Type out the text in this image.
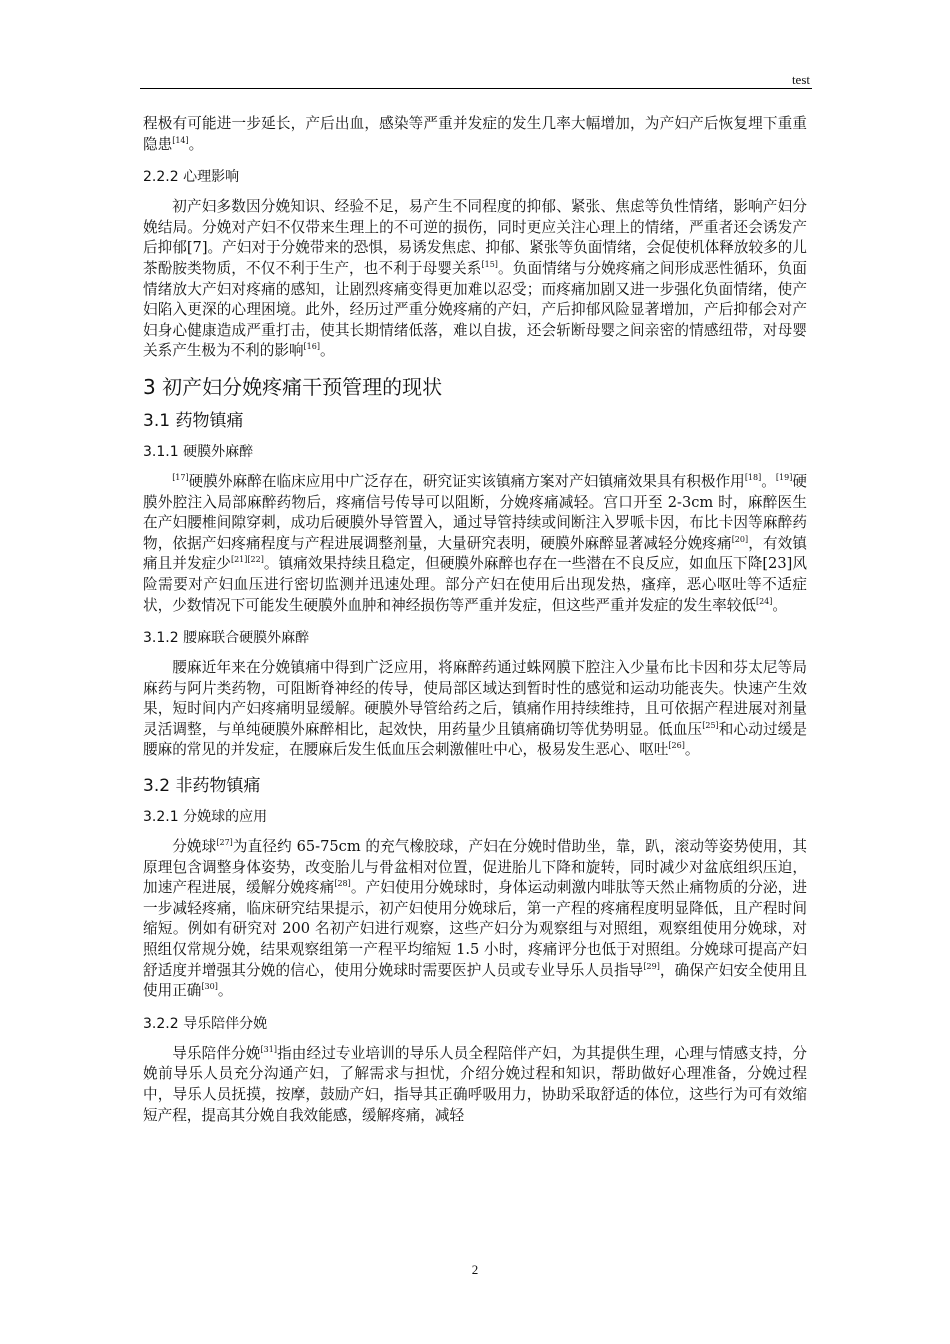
test

程极有可能进一步延长，产后出血，感染等严重并发症的发生几率大幅增加，为产妇产后恢复埋下重重隐患[14]。

2.2.2 心理影响

初产妇多数因分娩知识、经验不足，易产生不同程度的抑郁、紧张、焦虑等负性情绪，影响产妇分娩结局。分娩对产妇不仅带来生理上的不可逆的损伤，同时更应关注心理上的情绪，严重者还会诱发产后抑郁[7]。产妇对于分娩带来的恐惧，易诱发焦虑、抑郁、紧张等负面情绪，会促使机体释放较多的儿茶酚胺类物质，不仅不利于生产，也不利于母婴关系[15]。负面情绪与分娩疼痛之间形成恶性循环，负面情绪放大产妇对疼痛的感知，让剧烈疼痛变得更加难以忍受；而疼痛加剧又进一步强化负面情绪，使产妇陷入更深的心理困境。此外，经历过严重分娩疼痛的产妇，产后抑郁风险显著增加，产后抑郁会对产妇身心健康造成严重打击，使其长期情绪低落，难以自拔，还会斩断母婴之间亲密的情感纽带，对母婴关系产生极为不利的影响[16]。

3 初产妇分娩疼痛干预管理的现状
3.1 药物镇痛
3.1.1 硬膜外麻醉

[17]硬膜外麻醉在临床应用中广泛存在，研究证实该镇痛方案对产妇镇痛效果具有积极作用[18]。[19]硬膜外腔注入局部麻醉药物后，疼痛信号传导可以阻断，分娩疼痛减轻。宫口开至 2-3cm 时，麻醉医生在产妇腰椎间隙穿刺，成功后硬膜外导管置入，通过导管持续或间断注入罗哌卡因，布比卡因等麻醉药物，依据产妇疼痛程度与产程进展调整剂量，大量研究表明，硬膜外麻醉显著减轻分娩疼痛[20]，有效镇痛且并发症少[21][22]。镇痛效果持续且稳定，但硬膜外麻醉也存在一些潜在不良反应，如血压下降[23]风险需要对产妇血压进行密切监测并迅速处理。部分产妇在使用后出现发热，瘙痒，恶心呕吐等不适症状，少数情况下可能发生硬膜外血肿和神经损伤等严重并发症，但这些严重并发症的发生率较低[24]。

3.1.2 腰麻联合硬膜外麻醉

腰麻近年来在分娩镇痛中得到广泛应用，将麻醉药通过蛛网膜下腔注入少量布比卡因和芬太尼等局麻药与阿片类药物，可阻断脊神经的传导，使局部区域达到暂时性的感觉和运动功能丧失。快速产生效果，短时间内产妇疼痛明显缓解。硬膜外导管给药之后，镇痛作用持续维持，且可依据产程进展对剂量灵活调整，与单纯硬膜外麻醉相比，起效快，用药量少且镇痛确切等优势明显。低血压[25]和心动过缓是腰麻的常见的并发症，在腰麻后发生低血压会刺激催吐中心，极易发生恶心、呕吐[26]。

3.2 非药物镇痛
3.2.1 分娩球的应用

分娩球[27]为直径约 65-75cm 的充气橡胶球，产妇在分娩时借助坐，靠，趴，滚动等姿势使用，其原理包含调整身体姿势，改变胎儿与骨盆相对位置，促进胎儿下降和旋转，同时减少对盆底组织压迫，加速产程进展，缓解分娩疼痛[28]。产妇使用分娩球时，身体运动刺激内啡肽等天然止痛物质的分泌，进一步减轻疼痛，临床研究结果提示，初产妇使用分娩球后，第一产程的疼痛程度明显降低，且产程时间缩短。例如有研究对 200 名初产妇进行观察，这些产妇分为观察组与对照组，观察组使用分娩球，对照组仅常规分娩，结果观察组第一产程平均缩短 1.5 小时，疼痛评分也低于对照组。分娩球可提高产妇舒适度并增强其分娩的信心，使用分娩球时需要医护人员或专业导乐人员指导[29]，确保产妇安全使用且使用正确[30]。

3.2.2 导乐陪伴分娩

导乐陪伴分娩[31]指由经过专业培训的导乐人员全程陪伴产妇，为其提供生理，心理与情感支持，分娩前导乐人员充分沟通产妇，了解需求与担忧，介绍分娩过程和知识，帮助做好心理准备，分娩过程中，导乐人员抚摸，按摩，鼓励产妇，指导其正确呼吸用力，协助采取舒适的体位，这些行为可有效缩短产程，提高其分娩自我效能感，缓解疼痛，减轻

2
